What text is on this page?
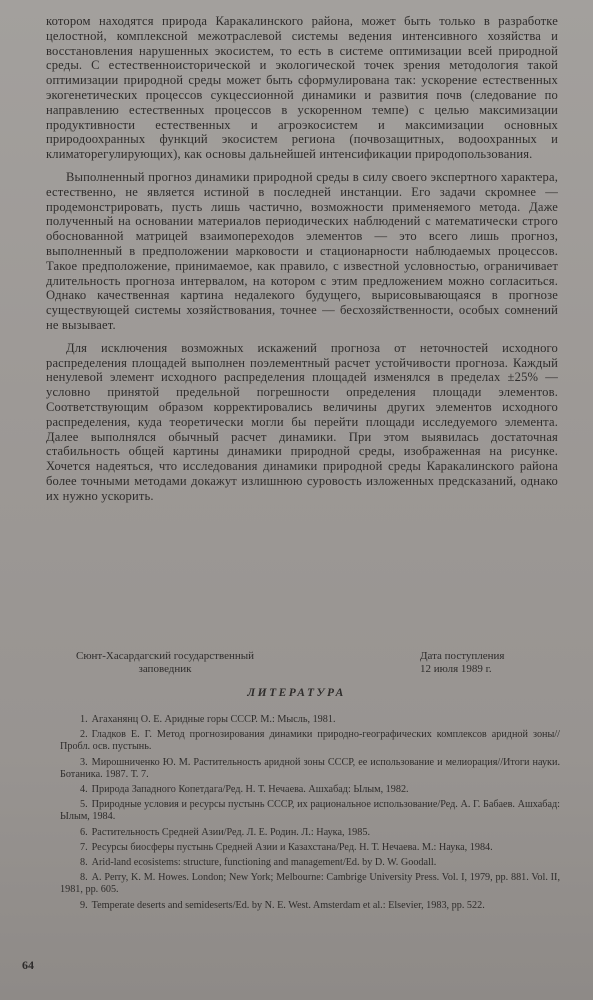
котором находятся природа Каракалинского района, может быть только в разработке целостной, комплексной межотраслевой системы ведения интенсивного хозяйства и восстановления нарушенных экосистем, то есть в системе оптимизации всей природной среды. С естественноисторической и экологической точек зрения методология такой оптимизации природной среды может быть сформулирована так: ускорение естественных экогенетических процессов сукцессионной динамики и развития почв (следование по направлению естественных процессов в ускоренном темпе) с целью максимизации продуктивности естественных и агроэкосистем и максимизации основных природоохранных функций экосистем региона (почвозащитных, водоохранных и климаторегулирующих), как основы дальнейшей интенсификации природопользования.

Выполненный прогноз динамики природной среды в силу своего экспертного характера, естественно, не является истиной в последней инстанции. Его задачи скромнее — продемонстрировать, пусть лишь частично, возможности применяемого метода. Даже полученный на основании материалов периодических наблюдений с математически строго обоснованной матрицей взаимопереходов элементов — это всего лишь прогноз, выполненный в предположении марковости и стационарности наблюдаемых процессов. Такое предположение, принимаемое, как правило, с известной условностью, ограничивает длительность прогноза интервалом, на котором с этим предложением можно согласиться. Однако качественная картина недалекого будущего, вырисовывающаяся в прогнозе существующей системы хозяйствования, точнее — бесхозяйственности, особых сомнений не вызывает.

Для исключения возможных искажений прогноза от неточностей исходного распределения площадей выполнен поэлементный расчет устойчивости прогноза. Каждый ненулевой элемент исходного распределения площадей изменялся в пределах ±25% — условно принятой предельной погрешности определения площади элементов. Соответствующим образом корректировались величины других элементов исходного распределения, куда теоретически могли бы перейти площади исследуемого элемента. Далее выполнялся обычный расчет динамики. При этом выявилась достаточная стабильность общей картины динамики природной среды, изображенная на рисунке. Хочется надеяться, что исследования динамики природной среды Каракалинского района более точными методами докажут излишнюю суровость изложенных предсказаний, однако их нужно ускорить.

Сюнт-Хасардагский государственный заповедник
Дата поступления
12 июля 1989 г.
ЛИТЕРАТУРА
1. Агаханянц О. Е. Аридные горы СССР. М.: Мысль, 1981.
2. Гладков Е. Г. Метод прогнозирования динамики природно-географических комплексов аридной зоны//Пробл. осв. пустынь.
3. Мирошниченко Ю. М. Растительность аридной зоны СССР, ее использование и мелиорация//Итоги науки. Ботаника. 1987. Т. 7.
4. Природа Западного Копетдага/Ред. Н. Т. Нечаева. Ашхабад: Ылым, 1982.
5. Природные условия и ресурсы пустынь СССР, их рациональное использование/Ред. А. Г. Бабаев. Ашхабад: Ылым, 1984.
6. Растительность Средней Азии/Ред. Л. Е. Родин. Л.: Наука, 1985.
7. Ресурсы биосферы пустынь Средней Азии и Казахстана/Ред. Н. Т. Нечаева. М.: Наука, 1984.
8. Arid-land ecosistems: structure, functioning and management/Ed. by D. W. Goodall.
8. A. Perry, K. M. Howes. London; New York; Melbourne: Cambrige University Press. Vol. I, 1979, pp. 881. Vol. II, 1981, pp. 605.
9. Temperate deserts and semideserts/Ed. by N. E. West. Amsterdam et al.: Elsevier, 1983, pp. 522.
64
